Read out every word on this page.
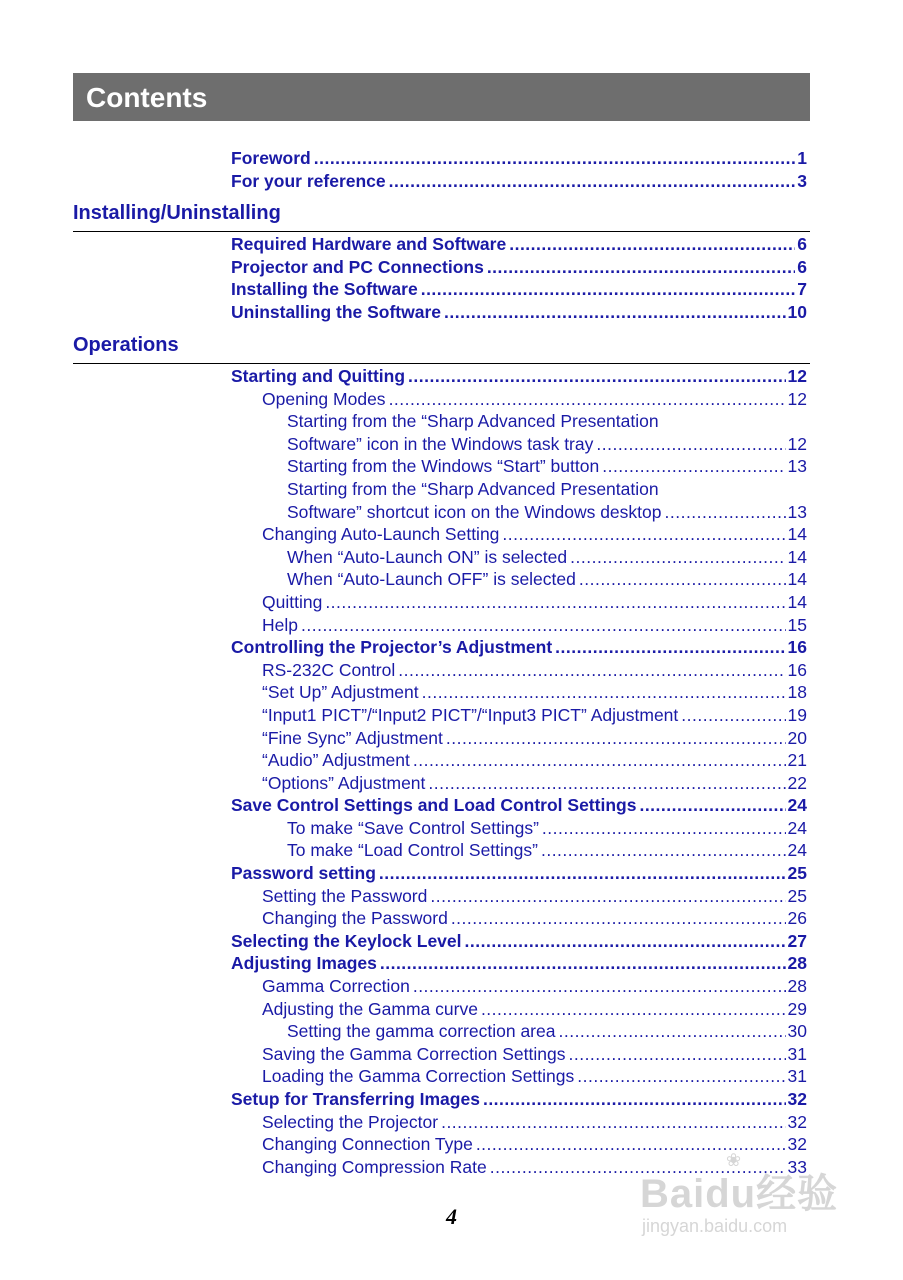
Contents
Foreword .....	1
For your reference .....	3
Installing/Uninstalling
Required Hardware and Software .....	6
Projector and PC Connections .....	6
Installing the Software .....	7
Uninstalling the Software .....	10
Operations
Starting and Quitting .....	12
Opening Modes .....	12
Starting from the “Sharp Advanced Presentation
Software” icon in the Windows task tray .....	12
Starting from the Windows “Start” button .....	13
Starting from the “Sharp Advanced Presentation
Software” shortcut icon on the Windows desktop .....	13
Changing Auto-Launch Setting .....	14
When “Auto-Launch ON” is selected .....	14
When “Auto-Launch OFF” is selected .....	14
Quitting .....	14
Help .....	15
Controlling the Projector’s Adjustment .....	16
RS-232C Control .....	16
“Set Up” Adjustment .....	18
“Input1 PICT”/“Input2 PICT”/“Input3 PICT” Adjustment .....	19
“Fine Sync” Adjustment .....	20
“Audio” Adjustment .....	21
“Options” Adjustment .....	22
Save Control Settings and Load Control Settings .....	24
To make “Save Control Settings” .....	24
To make “Load Control Settings” .....	24
Password setting .....	25
Setting the Password .....	25
Changing the Password .....	26
Selecting the Keylock Level .....	27
Adjusting Images .....	28
Gamma Correction .....	28
Adjusting the Gamma curve .....	29
Setting the gamma correction area .....	30
Saving the Gamma Correction Settings .....	31
Loading the Gamma Correction Settings .....	31
Setup for Transferring Images .....	32
Selecting the Projector .....	32
Changing Connection Type .....	32
Changing Compression Rate .....	33
4
❀
Baidu经验
jingyan.baidu.com
